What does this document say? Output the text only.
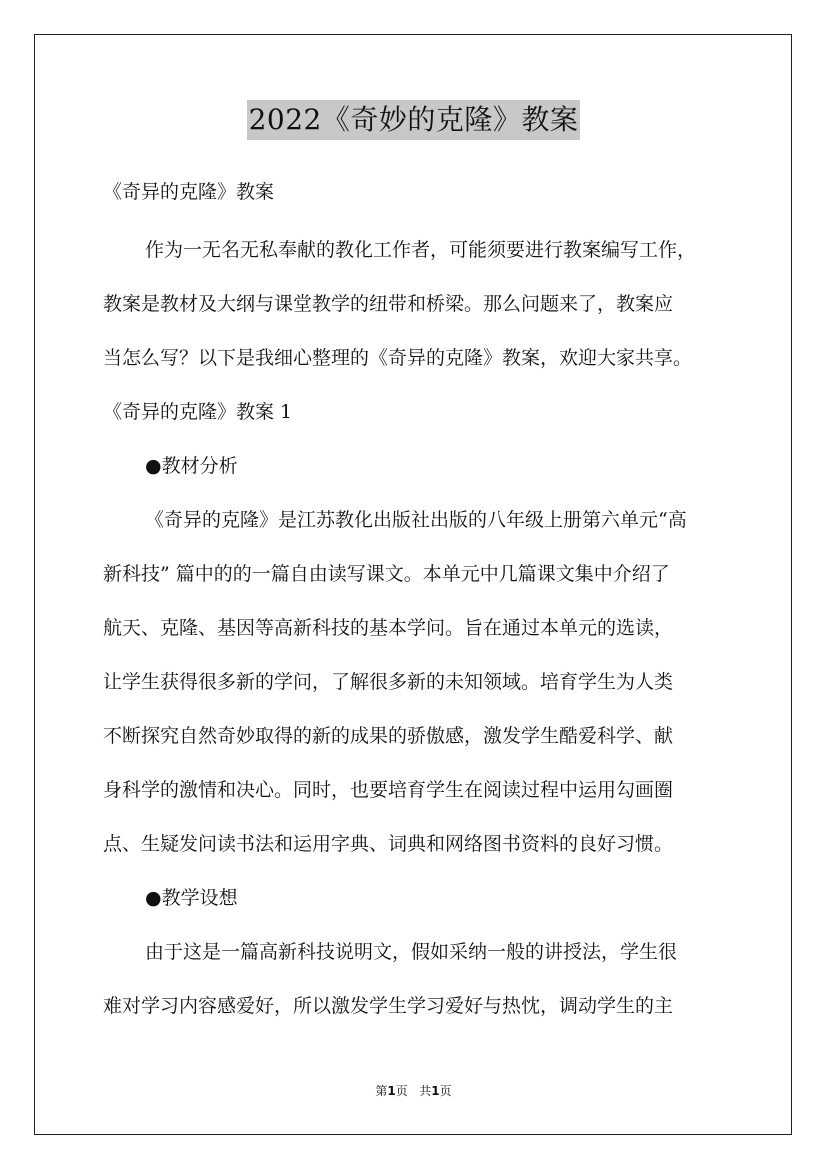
2022《奇妙的克隆》教案
《奇异的克隆》教案
作为一无名无私奉献的教化工作者，可能须要进行教案编写工作，
教案是教材及大纲与课堂教学的纽带和桥梁。那么问题来了，教案应
当怎么写？以下是我细心整理的《奇异的克隆》教案，欢迎大家共享。
《奇异的克隆》教案 1
●教材分析
《奇异的克隆》是江苏教化出版社出版的八年级上册第六单元“高
新科技” 篇中的的一篇自由读写课文。本单元中几篇课文集中介绍了
航天、克隆、基因等高新科技的基本学问。旨在通过本单元的选读，
让学生获得很多新的学问，了解很多新的未知领域。培育学生为人类
不断探究自然奇妙取得的新的成果的骄傲感，激发学生酷爱科学、献
身科学的激情和决心。同时，也要培育学生在阅读过程中运用勾画圈
点、生疑发问读书法和运用字典、词典和网络图书资料的良好习惯。
●教学设想
由于这是一篇高新科技说明文，假如采纳一般的讲授法，学生很
难对学习内容感爱好，所以激发学生学习爱好与热忱，调动学生的主
第1页 共1页
